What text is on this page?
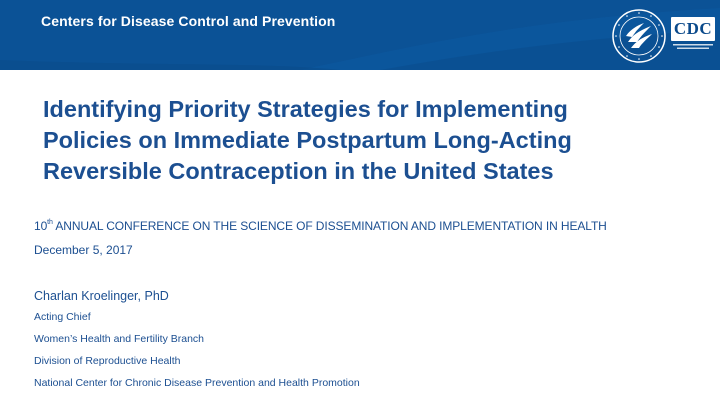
Centers for Disease Control and Prevention	CDC
Identifying Priority Strategies for Implementing
Policies on Immediate Postpartum Long-Acting
Reversible Contraception in the United States

10th ANNUAL CONFERENCE ON THE SCIENCE OF DISSEMINATION AND IMPLEMENTATION IN HEALTH

December 5, 2017
Charlan Kroelinger, PhD
Acting Chief
Women’s Health and Fertility Branch
Division of Reproductive Health
National Center for Chronic Disease Prevention and Health Promotion
